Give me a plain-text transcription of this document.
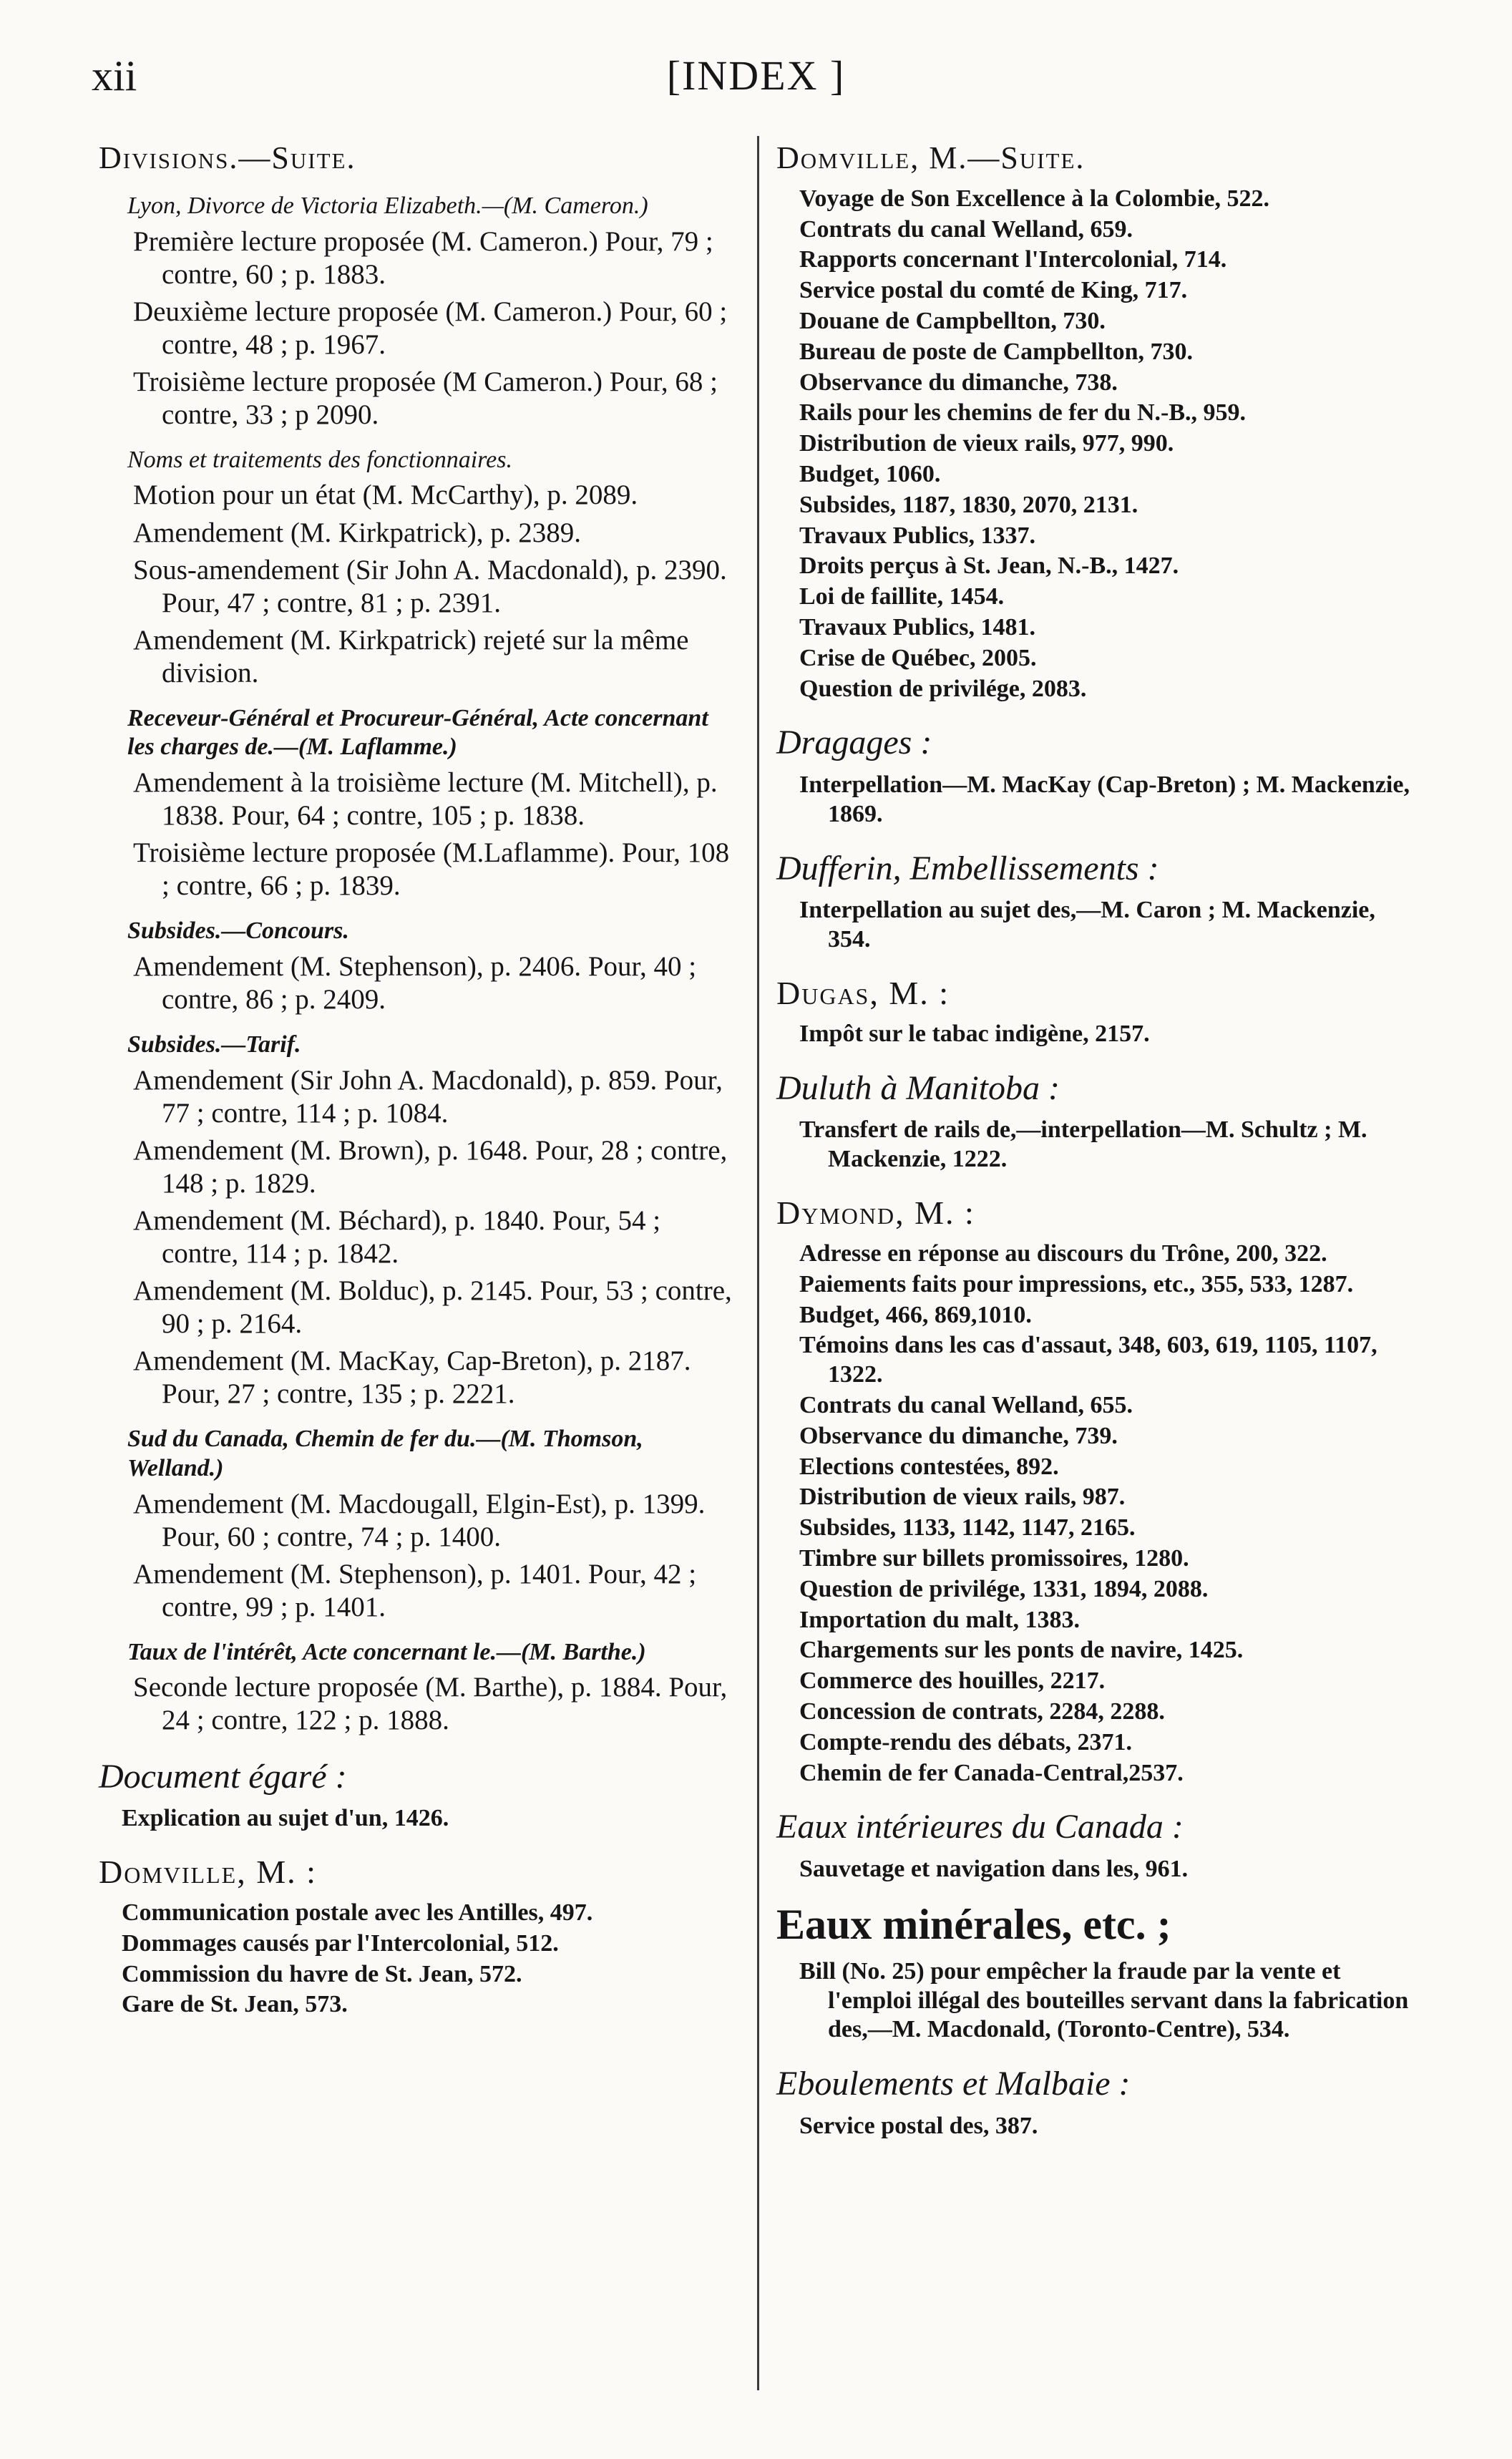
xii	[INDEX ]
Divisions.—Suite.
Lyon, Divorce de Victoria Elizabeth.—(M. Cameron.)
Première lecture proposée (M. Cameron.) Pour, 79 ; contre, 60 ; p. 1883.
Deuxième lecture proposée (M. Cameron.) Pour, 60 ; contre, 48 ; p. 1967.
Troisième lecture proposée (M Cameron.) Pour, 68 ; contre, 33 ; p 2090.
Noms et traitements des fonctionnaires.
Motion pour un état (M. McCarthy), p. 2089.
Amendement (M. Kirkpatrick), p. 2389.
Sous-amendement (Sir John A. Macdonald), p. 2390. Pour, 47 ; contre, 81 ; p. 2391.
Amendement (M. Kirkpatrick) rejeté sur la même division.
Receveur-Général et Procureur-Général, Acte concernant les charges de.—(M. Laflamme.)
Amendement à la troisième lecture (M. Mitchell), p. 1838. Pour, 64 ; contre, 105 ; p. 1838.
Troisième lecture proposée (M.Laflamme). Pour, 108 ; contre, 66 ; p. 1839.
Subsides.—Concours.
Amendement (M. Stephenson), p. 2406. Pour, 40 ; contre, 86 ; p. 2409.
Subsides.—Tarif.
Amendement (Sir John A. Macdonald), p. 859. Pour, 77 ; contre, 114 ; p. 1084.
Amendement (M. Brown), p. 1648. Pour, 28 ; contre, 148 ; p. 1829.
Amendement (M. Béchard), p. 1840. Pour, 54 ; contre, 114 ; p. 1842.
Amendement (M. Bolduc), p. 2145. Pour, 53 ; contre, 90 ; p. 2164.
Amendement (M. MacKay, Cap-Breton), p. 2187. Pour, 27 ; contre, 135 ; p. 2221.
Sud du Canada, Chemin de fer du.—(M. Thomson, Welland.)
Amendement (M. Macdougall, Elgin-Est), p. 1399. Pour, 60 ; contre, 74 ; p. 1400.
Amendement (M. Stephenson), p. 1401. Pour, 42 ; contre, 99 ; p. 1401.
Taux de l'intérêt, Acte concernant le.—(M. Barthe.)
Seconde lecture proposée (M. Barthe), p. 1884. Pour, 24 ; contre, 122 ; p. 1888.
Document égaré :
Explication au sujet d'un, 1426.
Domville, M. :
Communication postale avec les Antilles, 497.
Dommages causés par l'Intercolonial, 512.
Commission du havre de St. Jean, 572.
Gare de St. Jean, 573.
Domville, M.—Suite.
Voyage de Son Excellence à la Colombie, 522.
Contrats du canal Welland, 659.
Rapports concernant l'Intercolonial, 714.
Service postal du comté de King, 717.
Douane de Campbellton, 730.
Bureau de poste de Campbellton, 730.
Observance du dimanche, 738.
Rails pour les chemins de fer du N.-B., 959.
Distribution de vieux rails, 977, 990.
Budget, 1060.
Subsides, 1187, 1830, 2070, 2131.
Travaux Publics, 1337.
Droits perçus à St. Jean, N.-B., 1427.
Loi de faillite, 1454.
Travaux Publics, 1481.
Crise de Québec, 2005.
Question de privilége, 2083.
Dragages :
Interpellation—M. MacKay (Cap-Breton) ; M. Mackenzie, 1869.
Dufferin, Embellissements :
Interpellation au sujet des,—M. Caron ; M. Mackenzie, 354.
Dugas, M. :
Impôt sur le tabac indigène, 2157.
Duluth à Manitoba :
Transfert de rails de,—interpellation—M. Schultz ; M. Mackenzie, 1222.
Dymond, M. :
Adresse en réponse au discours du Trône, 200, 322.
Paiements faits pour impressions, etc., 355, 533, 1287.
Budget, 466, 869,1010.
Témoins dans les cas d'assaut, 348, 603, 619, 1105, 1107, 1322.
Contrats du canal Welland, 655.
Observance du dimanche, 739.
Elections contestées, 892.
Distribution de vieux rails, 987.
Subsides, 1133, 1142, 1147, 2165.
Timbre sur billets promissoires, 1280.
Question de privilége, 1331, 1894, 2088.
Importation du malt, 1383.
Chargements sur les ponts de navire, 1425.
Commerce des houilles, 2217.
Concession de contrats, 2284, 2288.
Compte-rendu des débats, 2371.
Chemin de fer Canada-Central,2537.
Eaux intérieures du Canada :
Sauvetage et navigation dans les, 961.
Eaux minérales, etc. ;
Bill (No. 25) pour empêcher la fraude par la vente et l'emploi illégal des bouteilles servant dans la fabrication des,—M. Macdonald, (Toronto-Centre), 534.
Eboulements et Malbaie :
Service postal des, 387.
